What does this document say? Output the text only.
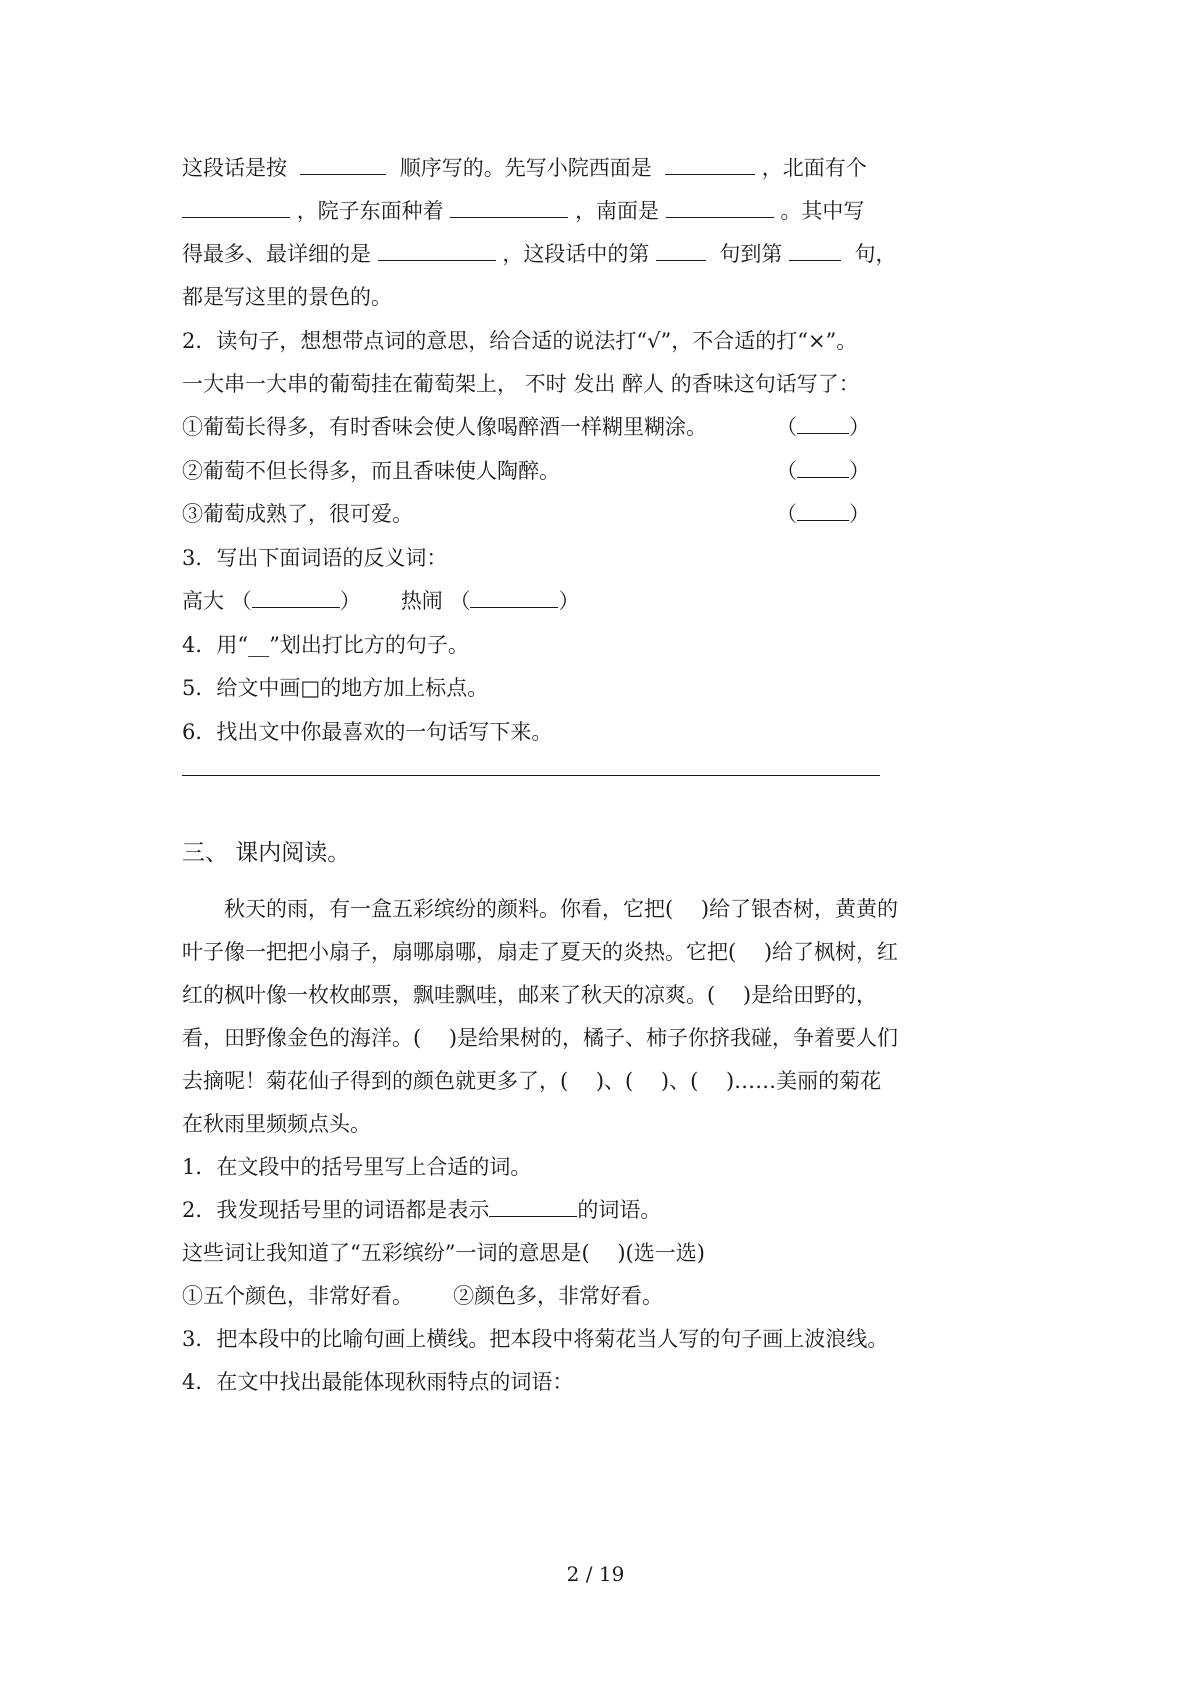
这段话是按	顺序写的。先写小院西面是	，北面有个
，院子东面种着	，南面是	。其中写
得最多、最详细的是	，这段话中的第	句到第	句，
都是写这里的景色的。
2．读句子，想想带点词的意思，给合适的说法打“√”，不合适的打“×”。
一大串一大串的葡萄挂在葡萄架上， 不时 发出 醉人 的香味这句话写了：
①葡萄长得多，有时香味会使人像喝醉酒一样糊里糊涂。	（ ）
②葡萄不但长得多，而且香味使人陶醉。	（ ）
③葡萄成熟了，很可爱。	（ ）
3．写出下面词语的反义词：
高大 （	） 热闹 （	）
4．用“__”划出打比方的句子。
5．给文中画□的地方加上标点。
6．找出文中你最喜欢的一句话写下来。
三、 课内阅读。
　　秋天的雨，有一盒五彩缤纷的颜料。你看，它把(　 )给了银杏树，黄黄的
叶子像一把把小扇子，扇哪扇哪，扇走了夏天的炎热。它把(　 )给了枫树，红
红的枫叶像一枚枚邮票，飘哇飘哇，邮来了秋天的凉爽。(　 )是给田野的，
看，田野像金色的海洋。(　 )是给果树的，橘子、柿子你挤我碰，争着要人们
去摘呢！菊花仙子得到的颜色就更多了，(　 )、(　 )、(　 )……美丽的菊花
在秋雨里频频点头。
1．在文段中的括号里写上合适的词。
2．我发现括号里的词语都是表示	的词语。
这些词让我知道了“五彩缤纷”一词的意思是(　 )(选一选)
①五个颜色，非常好看。 ②颜色多，非常好看。
3．把本段中的比喻句画上横线。把本段中将菊花当人写的句子画上波浪线。
4．在文中找出最能体现秋雨特点的词语：
2 / 19
